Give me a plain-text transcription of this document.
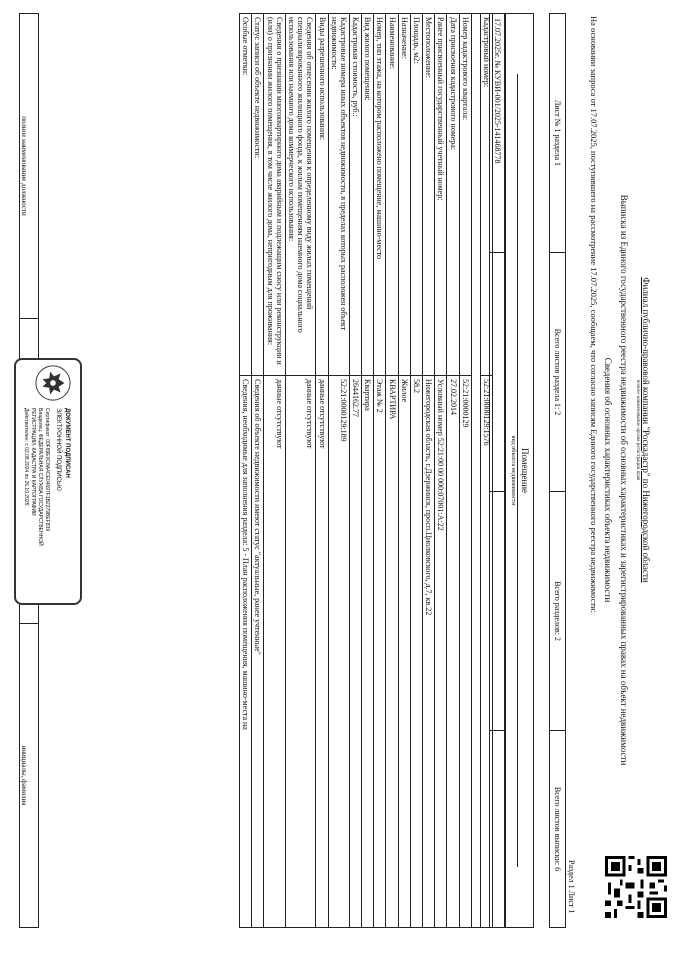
Филиал публично-правовой компании "Роскадастр" по Нижегородской области
полное наименование органа регистрации прав
Выписка из Единого государственного реестра недвижимости об основных характеристиках и зарегистрированных правах на объект недвижимости
Сведения об основных характеристиках объекта недвижимости
На основании запроса от 17.07.2025, поступившего на рассмотрение 17.07.2025, сообщаем, что согласно записям Единого государственного реестра недвижимости:
Раздел 1 Лист 1
Лист № 1 раздела 1	Всего листов раздела 1: 2	Всего разделов: 2	Всего листов выписки: 6
Помещение
вид объекта недвижимости
17.07.2025г. № КУВИ-001/2025-141468778			
Кадастровый номер:	52:21:0000129:1576

Номер кадастрового квартала:	52:21:0000129
Дата присвоения кадастрового номера:	27.02.2014
Ранее присвоенный государственный учетный номер:	Условный номер 52:21:00 00 000:07001:А:22
Местоположение:	Нижегородская область, г.Дзержинск, просп.Циолковского, д.7, кв.22
Площадь, м2:	58.2
Назначение:	Жилое
Наименование:	КВАРТИРА
Номер, тип этажа, на котором расположено помещение, машино-место	Этаж № 2
Вид жилого помещения:	Квартира
Кадастровая стоимость, руб.:	2644162.77
Кадастровые номера иных объектов недвижимости, в пределах которых расположен объект недвижимости:	52:21:0000129:189
Виды разрешенного использования:	данные отсутствуют
Сведения об отнесении жилого помещения к определенному виду жилых помещений специализированного жилищного фонда, к жилым помещениям наемного дома социального использования или наемного дома коммерческого использования:	данные отсутствуют
Сведения о признании многоквартирного дома аварийным и подлежащим сносу или реконструкции и (или) о признании жилого помещения, в том числе жилого дома, непригодным для проживания:	данные отсутствуют
Статус записи об объекте недвижимости:	Сведения об объекте недвижимости имеют статус "актуальные, ранее учтенные"
Особые отметки:	Сведения, необходимые для заполнения раздела: 5 - План расположения помещения, машино-места на
полное наименование должности		инициалы, фамилия
ДОКУМЕНТ ПОДПИСАН
ЭЛЕКТРОННОЙ ПОДПИСЬЮ
Сертификат: 00F89E0C8A4CE04697F1B2279BEF839
Владелец: ФЕДЕРАЛЬНАЯ СЛУЖБА ГОСУДАРСТВЕННОЙ
РЕГИСТРАЦИИ, КАДАСТРА И КАРТОГРАФИИ
Действителен: с 02.08.2024 по 26.10.2025
